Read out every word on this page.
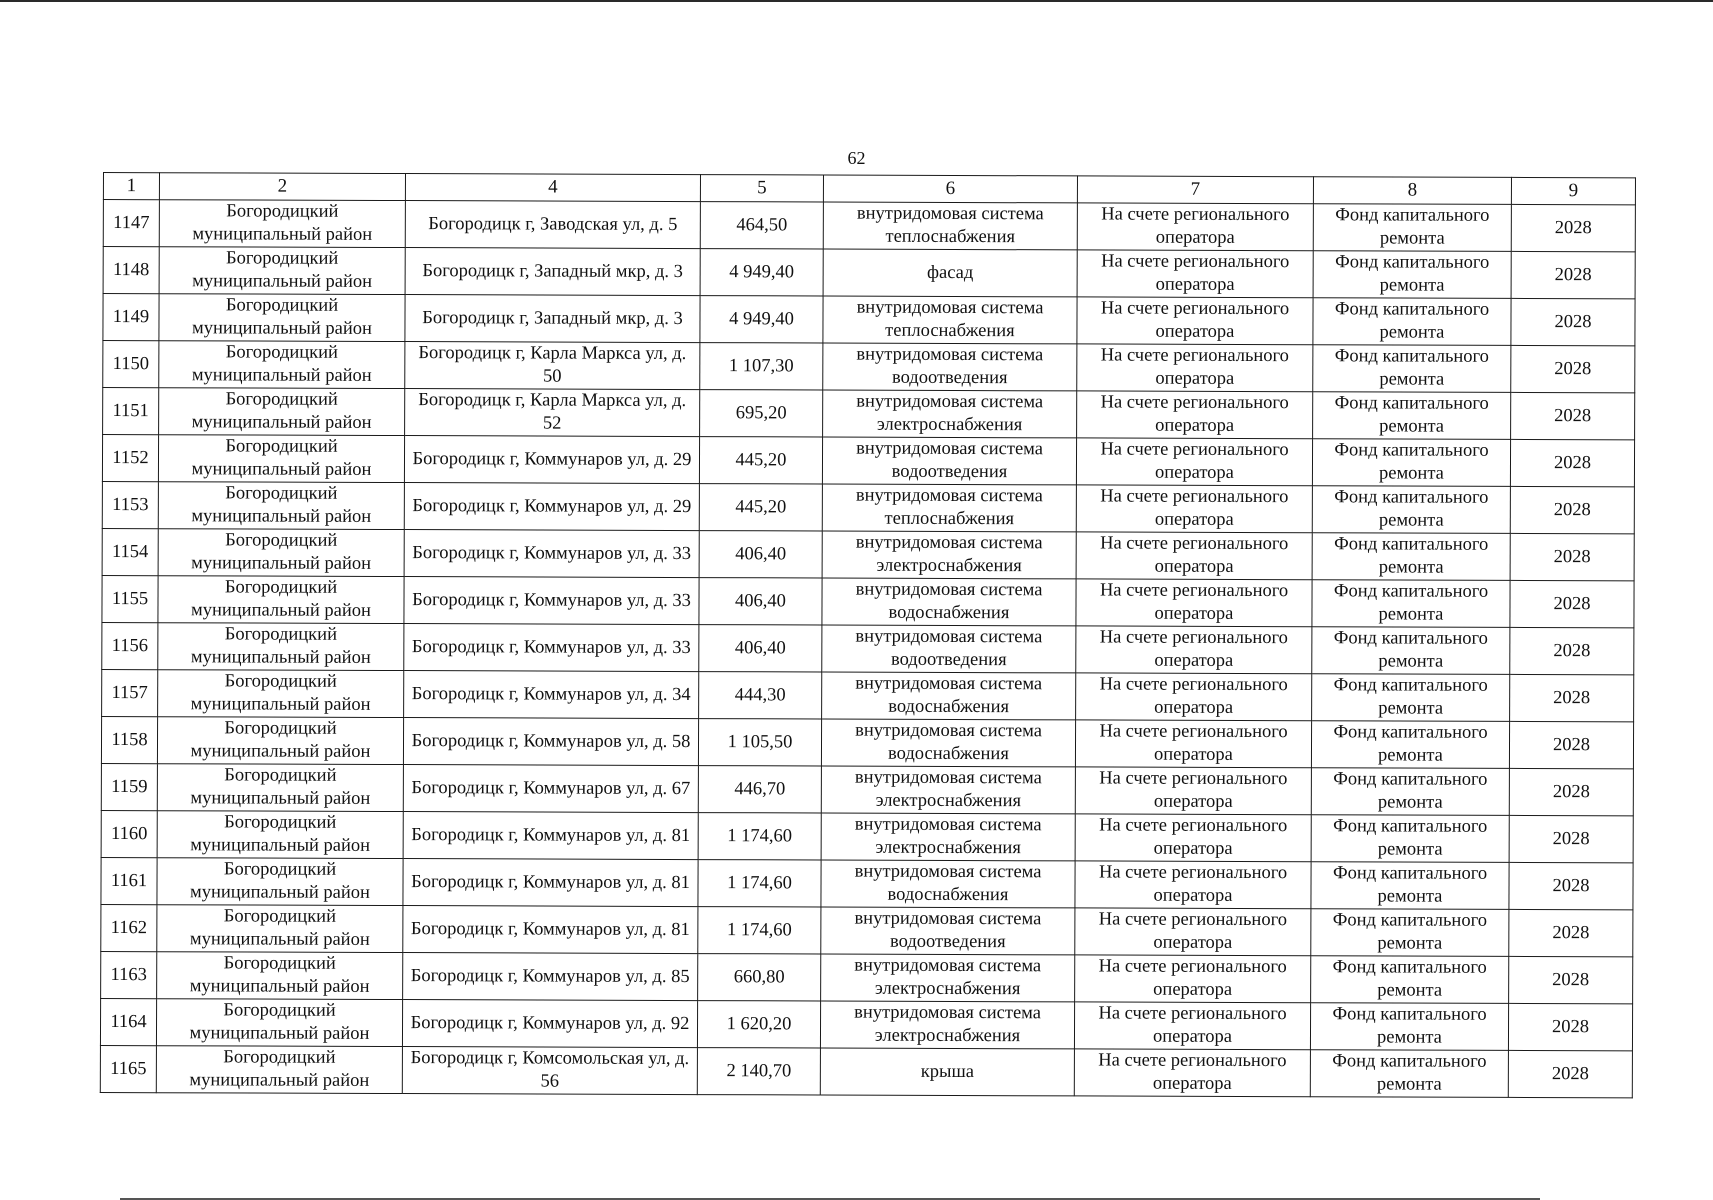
62
1	2	4	5	6	7	8	9
1147	Богородицкий муниципальный район	Богородицк г, Заводская ул, д. 5	464,50	внутридомовая система теплоснабжения	На счете регионального оператора	Фонд капитального ремонта	2028
1148	Богородицкий муниципальный район	Богородицк г, Западный мкр, д. 3	4 949,40	фасад	На счете регионального оператора	Фонд капитального ремонта	2028
1149	Богородицкий муниципальный район	Богородицк г, Западный мкр, д. 3	4 949,40	внутридомовая система теплоснабжения	На счете регионального оператора	Фонд капитального ремонта	2028
1150	Богородицкий муниципальный район	Богородицк г, Карла Маркса ул, д. 50	1 107,30	внутридомовая система водоотведения	На счете регионального оператора	Фонд капитального ремонта	2028
1151	Богородицкий муниципальный район	Богородицк г, Карла Маркса ул, д. 52	695,20	внутридомовая система электроснабжения	На счете регионального оператора	Фонд капитального ремонта	2028
1152	Богородицкий муниципальный район	Богородицк г, Коммунаров ул, д. 29	445,20	внутридомовая система водоотведения	На счете регионального оператора	Фонд капитального ремонта	2028
1153	Богородицкий муниципальный район	Богородицк г, Коммунаров ул, д. 29	445,20	внутридомовая система теплоснабжения	На счете регионального оператора	Фонд капитального ремонта	2028
1154	Богородицкий муниципальный район	Богородицк г, Коммунаров ул, д. 33	406,40	внутридомовая система электроснабжения	На счете регионального оператора	Фонд капитального ремонта	2028
1155	Богородицкий муниципальный район	Богородицк г, Коммунаров ул, д. 33	406,40	внутридомовая система водоснабжения	На счете регионального оператора	Фонд капитального ремонта	2028
1156	Богородицкий муниципальный район	Богородицк г, Коммунаров ул, д. 33	406,40	внутридомовая система водоотведения	На счете регионального оператора	Фонд капитального ремонта	2028
1157	Богородицкий муниципальный район	Богородицк г, Коммунаров ул, д. 34	444,30	внутридомовая система водоснабжения	На счете регионального оператора	Фонд капитального ремонта	2028
1158	Богородицкий муниципальный район	Богородицк г, Коммунаров ул, д. 58	1 105,50	внутридомовая система водоснабжения	На счете регионального оператора	Фонд капитального ремонта	2028
1159	Богородицкий муниципальный район	Богородицк г, Коммунаров ул, д. 67	446,70	внутридомовая система электроснабжения	На счете регионального оператора	Фонд капитального ремонта	2028
1160	Богородицкий муниципальный район	Богородицк г, Коммунаров ул, д. 81	1 174,60	внутридомовая система электроснабжения	На счете регионального оператора	Фонд капитального ремонта	2028
1161	Богородицкий муниципальный район	Богородицк г, Коммунаров ул, д. 81	1 174,60	внутридомовая система водоснабжения	На счете регионального оператора	Фонд капитального ремонта	2028
1162	Богородицкий муниципальный район	Богородицк г, Коммунаров ул, д. 81	1 174,60	внутридомовая система водоотведения	На счете регионального оператора	Фонд капитального ремонта	2028
1163	Богородицкий муниципальный район	Богородицк г, Коммунаров ул, д. 85	660,80	внутридомовая система электроснабжения	На счете регионального оператора	Фонд капитального ремонта	2028
1164	Богородицкий муниципальный район	Богородицк г, Коммунаров ул, д. 92	1 620,20	внутридомовая система электроснабжения	На счете регионального оператора	Фонд капитального ремонта	2028
1165	Богородицкий муниципальный район	Богородицк г, Комсомольская ул, д. 56	2 140,70	крыша	На счете регионального оператора	Фонд капитального ремонта	2028
